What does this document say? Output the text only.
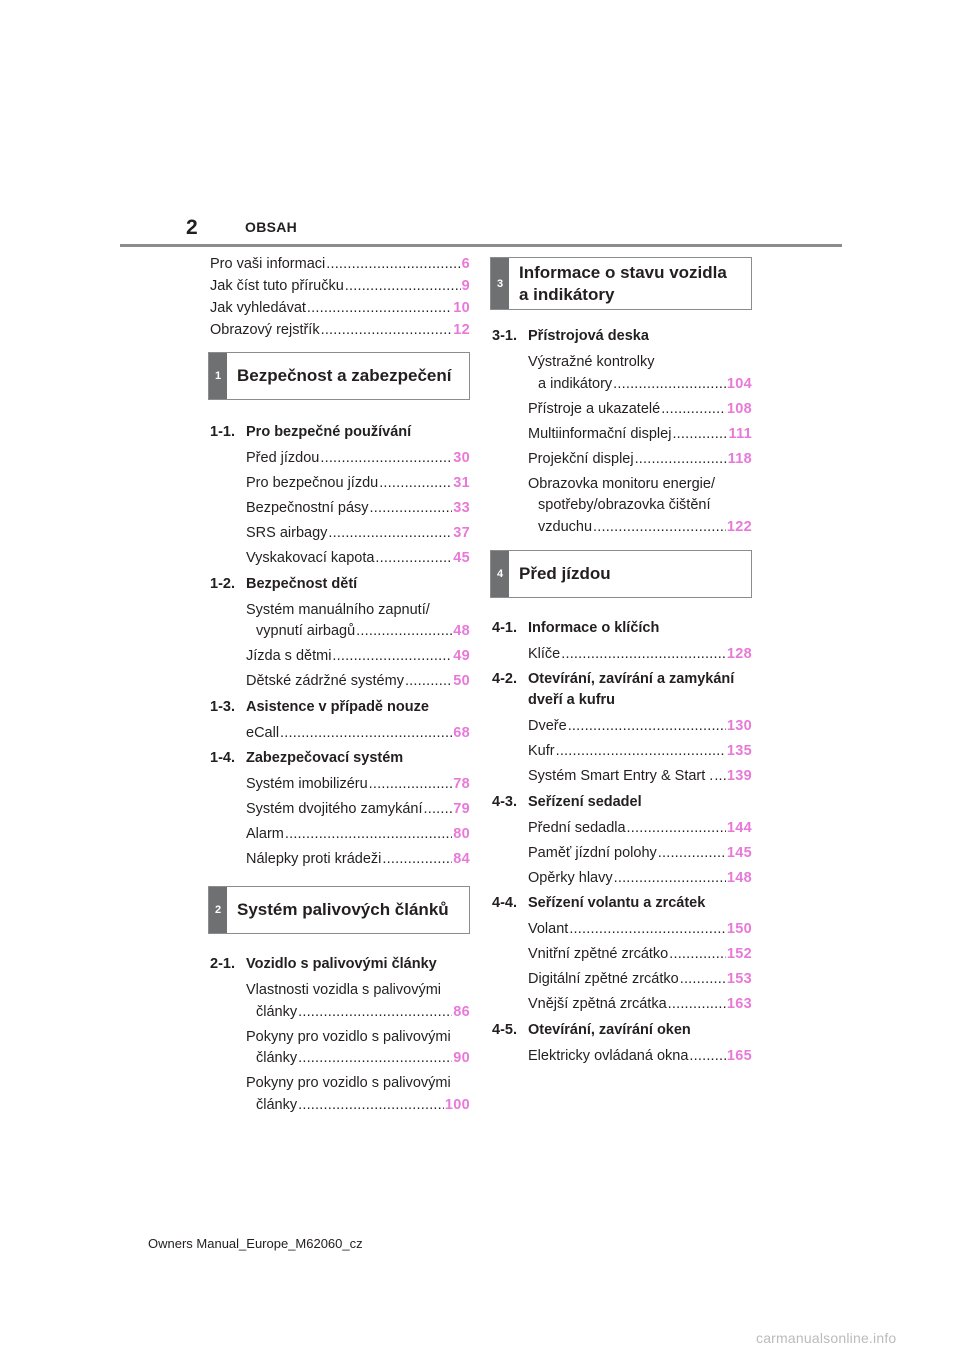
2	OBSAH
Pro vaši informaci .....	6
Jak číst tuto příručku .....	9
Jak vyhledávat .....	10
Obrazový rejstřík .....	12
1 Bezpečnost a zabezpečení
1-1. Pro bezpečné používání
Před jízdou .....	30
Pro bezpečnou jízdu .....	31
Bezpečnostní pásy .....	33
SRS airbagy .....	37
Vyskakovací kapota .....	45
1-2. Bezpečnost dětí
Systém manuálního zapnutí/
vypnutí airbagů .....	48
Jízda s dětmi .....	49
Dětské zádržné systémy .....	50
1-3. Asistence v případě nouze
eCall .....	68
1-4. Zabezpečovací systém
Systém imobilizéru .....	78
Systém dvojitého zamykání ..... 79
Alarm .....	80
Nálepky proti krádeži .....	84
2 Systém palivových článků
2-1. Vozidlo s palivovými články
Vlastnosti vozidla s palivovými
články .....	86
Pokyny pro vozidlo s palivovými
články .....	90
Pokyny pro vozidlo s palivovými
články .....	100
3
Informace o stavu vozidla
a indikátory
3-1. Přístrojová deska
Výstražné kontrolky
a indikátory .....	104
Přístroje a ukazatelé .....	108
Multiinformační displej .....	111
Projekční displej .....	118
Obrazovka monitoru energie/
spotřeby/obrazovka čištění
vzduchu .....	122
4 Před jízdou
4-1. Informace o klíčích
Klíče .....	128
4-2. Otevírání, zavírání a zamykání
dveří a kufru
Dveře .....	130
Kufr .....	135
Systém Smart Entry & Start . ..... 139
4-3. Seřízení sedadel
Přední sedadla .....	144
Paměť jízdní polohy .....	145
Opěrky hlavy .....	148
4-4. Seřízení volantu a zrcátek
Volant .....	150
Vnitřní zpětné zrcátko .....	152
Digitální zpětné zrcátko .....	153
Vnější zpětná zrcátka .....	163
4-5. Otevírání, zavírání oken
Elektricky ovládaná okna .....	165
Owners Manual_Europe_M62060_cz
carmanualsonline.info
